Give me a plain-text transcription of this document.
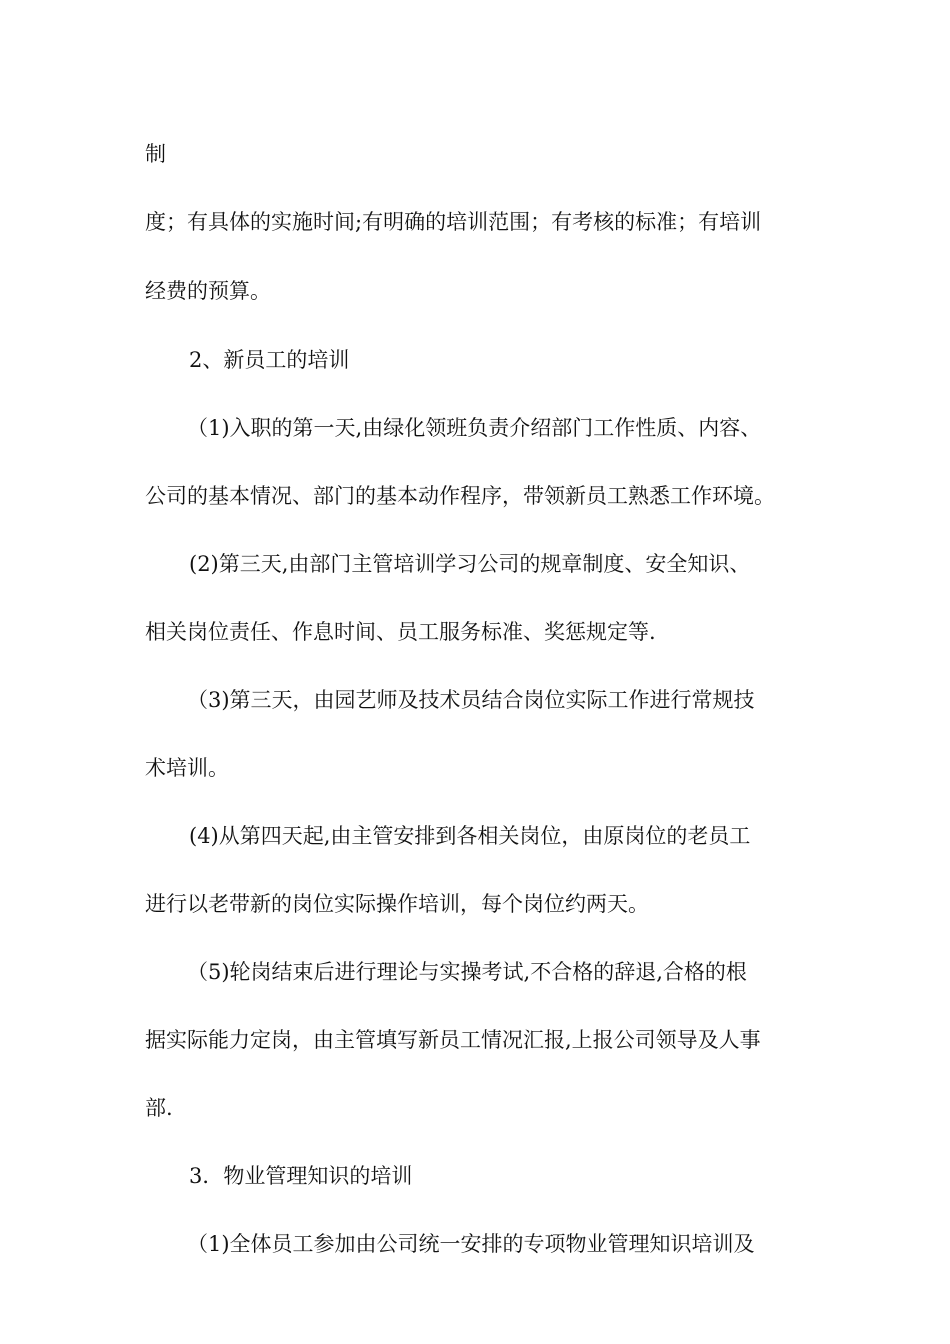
制
度；有具体的实施时间;有明确的培训范围；有考核的标准；有培训
经费的预算。
2、新员工的培训
（1)入职的第一天,由绿化领班负责介绍部门工作性质、内容、
公司的基本情况、部门的基本动作程序，带领新员工熟悉工作环境。
(2)第三天,由部门主管培训学习公司的规章制度、安全知识、
相关岗位责任、作息时间、员工服务标准、奖惩规定等.
（3)第三天，由园艺师及技术员结合岗位实际工作进行常规技
术培训。
(4)从第四天起,由主管安排到各相关岗位，由原岗位的老员工
进行以老带新的岗位实际操作培训，每个岗位约两天。
（5)轮岗结束后进行理论与实操考试,不合格的辞退,合格的根
据实际能力定岗，由主管填写新员工情况汇报,上报公司领导及人事
部.
3．物业管理知识的培训
（1)全体员工参加由公司统一安排的专项物业管理知识培训及
